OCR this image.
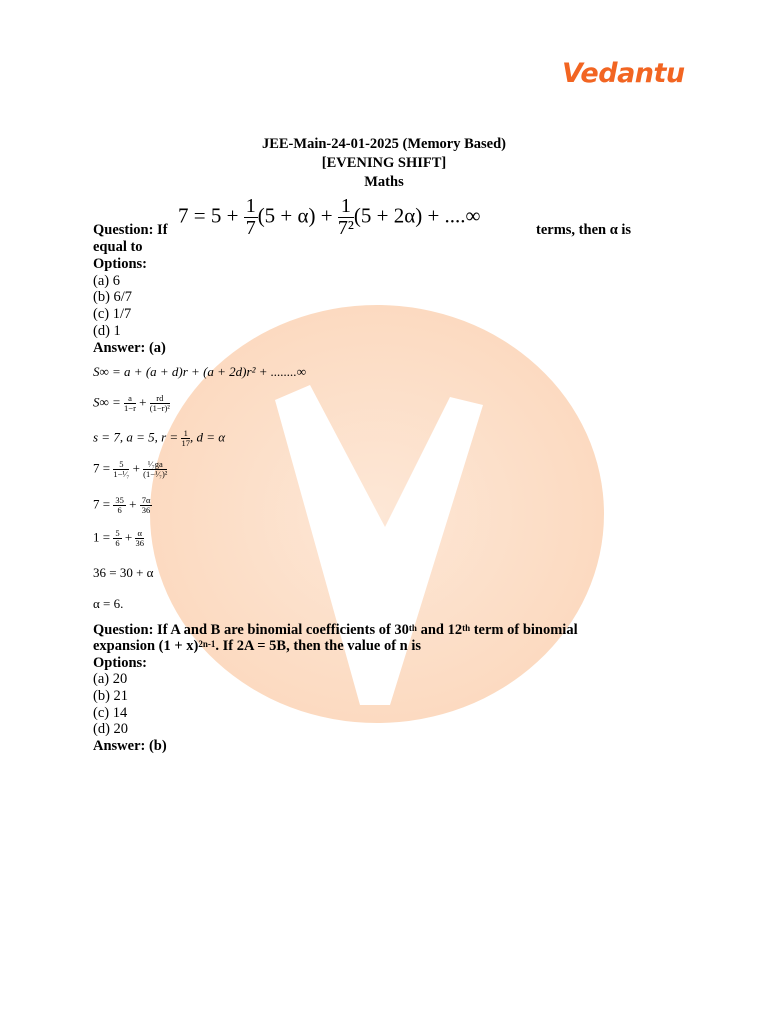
Vedantu
JEE-Main-24-01-2025 (Memory Based)
[EVENING SHIFT]
Maths
$7 = 5 + \frac{1}{7} (5 + \alpha) + \frac{1}{\text{7²}} (5 + 2\alpha)$ + ....∞
Question: If	terms, then α is
equal to
Options:
(a) 6
(b) 6/7
(c) 1/7
(d) 1
Answer: (a)
S∞ = a + (a + d)r + (a + 2d)r² + ........∞
$S\infty = \frac{a}{1-r} + \frac{rd}{\text{(1−r)²}}$
s = 7, a = 5, $r = \frac{1}{17}$ , d = α
$7 = \frac{5}{\text{1−¹⁄₇}} + \frac{\text{¹⁄₇ga}}{\text{(1−¹⁄₇)²}}$
$7 = \frac{35}{6} + \frac{7\alpha}{36}$
$1 = \frac{5}{6} + \frac{\alpha}{36}$
36 = 30 + α
α = 6.
Question: If A and B are binomial coefficients of 30th and 12th term of binomial
expansion $(1 + x)^{2n-1}$. If 2A = 5B, then the value of n is
Options:
(a) 20
(b) 21
(c) 14
(d) 20
Answer: (b)
